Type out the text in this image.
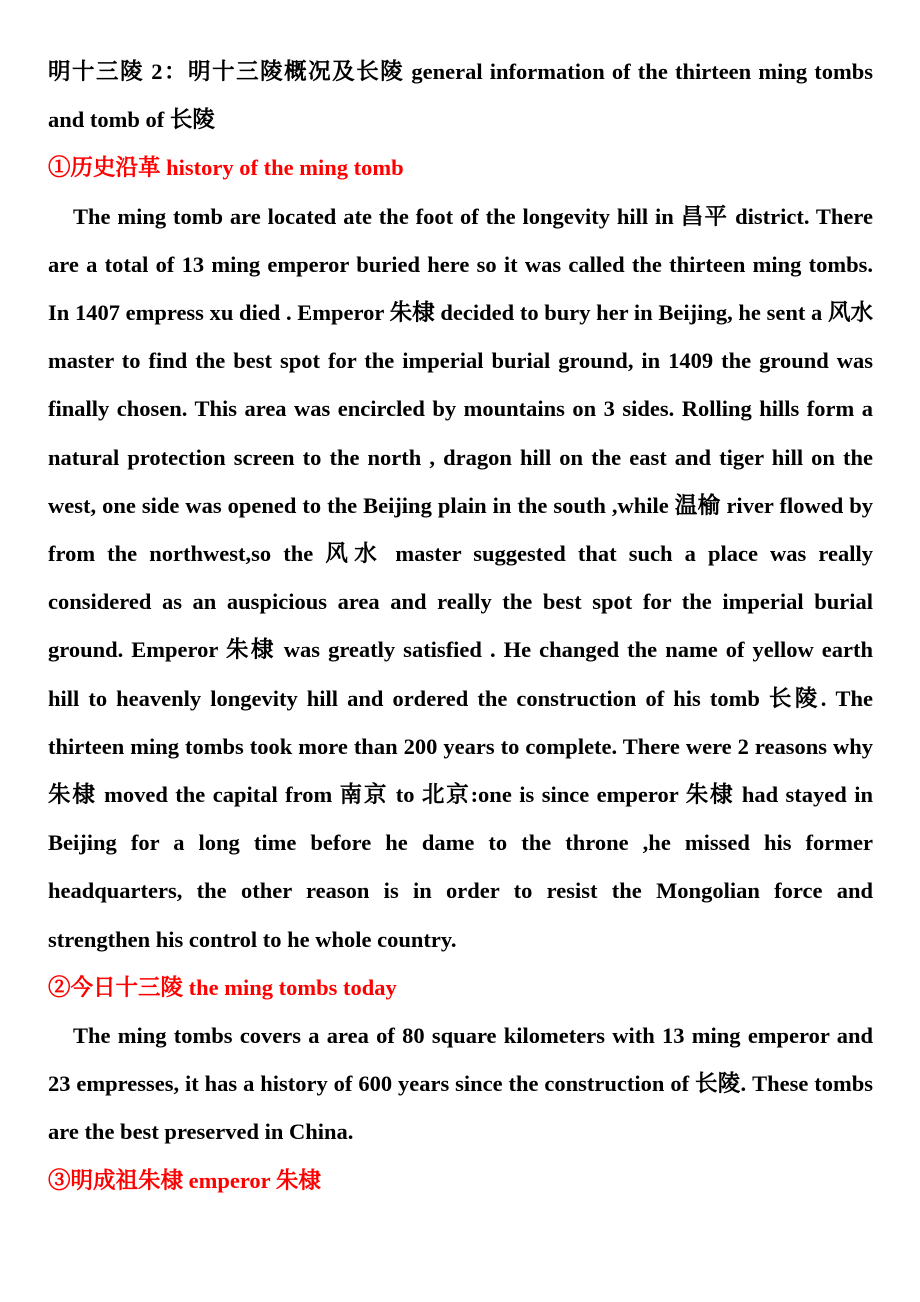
明十三陵 2：明十三陵概况及长陵 general information of the thirteen ming tombs and tomb of 长陵

①历史沿革 history of the ming tomb

The ming tomb are located ate the foot of the longevity hill in 昌平 district. There are a total of 13 ming emperor buried here so it was called the thirteen ming tombs. In 1407 empress xu died . Emperor 朱棣 decided to bury her in Beijing, he sent a 风水 master to find the best spot for the imperial burial ground, in 1409 the ground was finally chosen. This area was encircled by mountains on 3 sides. Rolling hills form a natural protection screen to the north , dragon hill on the east and tiger hill on the west, one side was opened to the Beijing plain in the south ,while 温榆 river flowed by from the northwest,so the 风水 master suggested that such a place was really considered as an auspicious area and really the best spot for the imperial burial ground. Emperor 朱棣 was greatly satisfied . He changed the name of yellow earth hill to heavenly longevity hill and ordered the construction of his tomb 长陵. The thirteen ming tombs took more than 200 years to complete. There were 2 reasons why 朱棣 moved the capital from 南京 to 北京:one is since emperor 朱棣 had stayed in Beijing for a long time before he dame to the throne ,he missed his former headquarters, the other reason is in order to resist the Mongolian force and strengthen his control to he whole country.

②今日十三陵 the ming tombs today

The ming tombs covers a area of 80 square kilometers with 13 ming emperor and 23 empresses, it has a history of 600 years since the construction of 长陵. These tombs are the best preserved in China.

③明成祖朱棣 emperor 朱棣
